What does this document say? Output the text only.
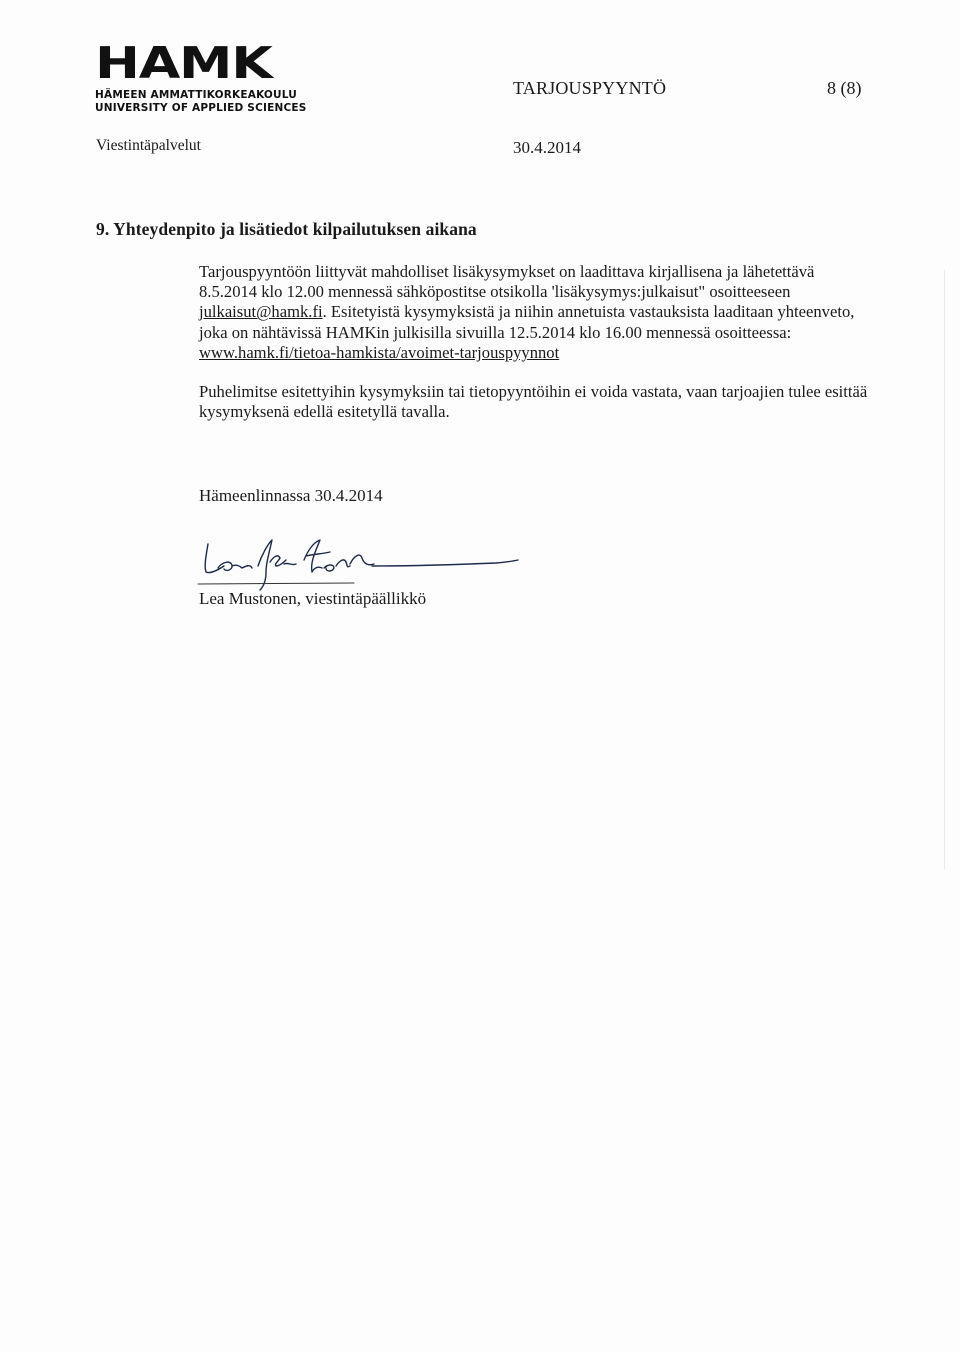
HAMK
HÄMEEN AMMATTIKORKEAKOULU
UNIVERSITY OF APPLIED SCIENCES
TARJOUSPYYNTÖ	8 (8)
Viestintäpalvelut	30.4.2014
9. Yhteydenpito ja lisätiedot kilpailutuksen aikana
Tarjouspyyntöön liittyvät mahdolliset lisäkysymykset on laadittava kirjallisena ja lähetettävä
8.5.2014 klo 12.00 mennessä sähköpostitse otsikolla 'lisäkysymys:julkaisut" osoitteeseen
julkaisut@hamk.fi. Esitetyistä kysymyksistä ja niihin annetuista vastauksista laaditaan yhteenveto,
joka on nähtävissä HAMKin julkisilla sivuilla 12.5.2014 klo 16.00 mennessä osoitteessa:
www.hamk.fi/tietoa-hamkista/avoimet-tarjouspyynnot
Puhelimitse esitettyihin kysymyksiin tai tietopyyntöihin ei voida vastata, vaan tarjoajien tulee esittää
kysymyksenä edellä esitetyllä tavalla.
Hämeenlinnassa 30.4.2014
Lea Mustonen, viestintäpäällikkö
